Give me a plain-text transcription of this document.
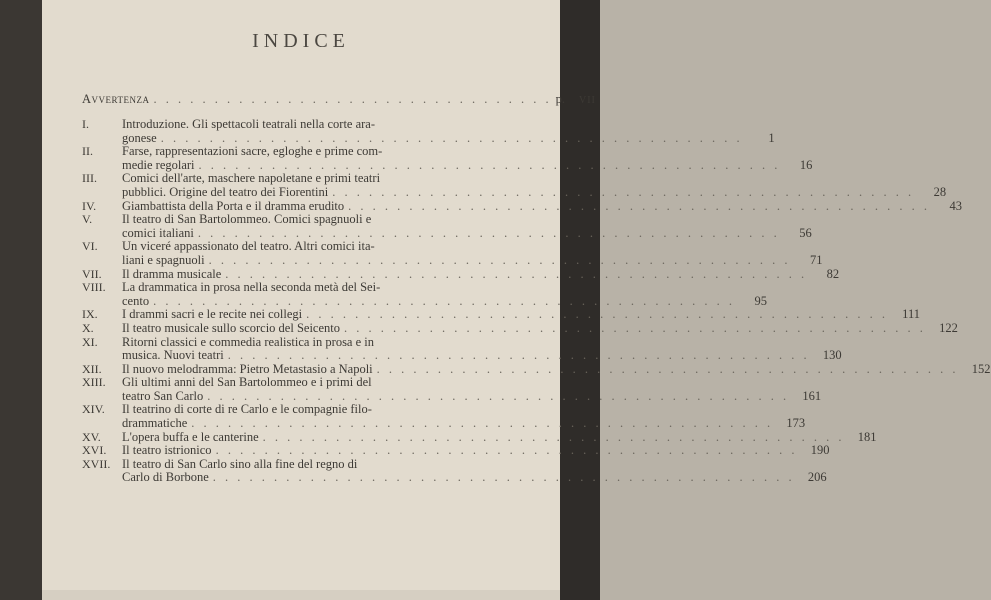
INDICE
Avvertenza . . . . . . . . . . . . . . . . . . . . . . . . . . . . . . . . . p. VII
I.	Introduzione. Gli spettacoli teatrali nella corte ara-
gonese . . . . . . . . . . . . . . . . . . . . . . . . . . . . . . . . . . . . . . . . . . . . . . . .	1
II.	Farse, rappresentazioni sacre, egloghe e prime com-
medie regolari . . . . . . . . . . . . . . . . . . . . . . . . . . . . . . . . . . . . . . . . . . . . . . . .	16
III.	Comici dell'arte, maschere napoletane e primi teatri
pubblici. Origine del teatro dei Fiorentini . . . . . . . . . . . . . . . . . . . . . . . . . . . . . . . . . . . . . . . . . . . . . . . .	28
IV.	Giambattista della Porta e il dramma erudito . . . . . . . . . . . . . . . . . . . . . . . . . . . . . . . . . . . . . . . . . . . . . . . .	43
V.	Il teatro di San Bartolommeo. Comici spagnuoli e
comici italiani . . . . . . . . . . . . . . . . . . . . . . . . . . . . . . . . . . . . . . . . . . . . . . . .	56
VI.	Un viceré appassionato del teatro. Altri comici ita-
liani e spagnuoli . . . . . . . . . . . . . . . . . . . . . . . . . . . . . . . . . . . . . . . . . . . . . . . .	71
VII.	Il dramma musicale . . . . . . . . . . . . . . . . . . . . . . . . . . . . . . . . . . . . . . . . . . . . . . . .	82
VIII.	La drammatica in prosa nella seconda metà del Sei-
cento . . . . . . . . . . . . . . . . . . . . . . . . . . . . . . . . . . . . . . . . . . . . . . . .	95
IX.	I drammi sacri e le recite nei collegi . . . . . . . . . . . . . . . . . . . . . . . . . . . . . . . . . . . . . . . . . . . . . . . .	111
X.	Il teatro musicale sullo scorcio del Seicento . . . . . . . . . . . . . . . . . . . . . . . . . . . . . . . . . . . . . . . . . . . . . . . .	122
XI.	Ritorni classici e commedia realistica in prosa e in
musica. Nuovi teatri . . . . . . . . . . . . . . . . . . . . . . . . . . . . . . . . . . . . . . . . . . . . . . . .	130
XII.	Il nuovo melodramma: Pietro Metastasio a Napoli . . . . . . . . . . . . . . . . . . . . . . . . . . . . . . . . . . . . . . . . . . . . . . . .	152
XIII.	Gli ultimi anni del San Bartolommeo e i primi del
teatro San Carlo . . . . . . . . . . . . . . . . . . . . . . . . . . . . . . . . . . . . . . . . . . . . . . . .	161
XIV.	Il teatrino di corte di re Carlo e le compagnie filo-
drammatiche . . . . . . . . . . . . . . . . . . . . . . . . . . . . . . . . . . . . . . . . . . . . . . . .	173
XV.	L'opera buffa e le canterine . . . . . . . . . . . . . . . . . . . . . . . . . . . . . . . . . . . . . . . . . . . . . . . .	181
XVI.	Il teatro istrionico . . . . . . . . . . . . . . . . . . . . . . . . . . . . . . . . . . . . . . . . . . . . . . . .	190
XVII. Il teatro di San Carlo sino alla fine del regno di
Carlo di Borbone . . . . . . . . . . . . . . . . . . . . . . . . . . . . . . . . . . . . . . . . . . . . . . . .	206
